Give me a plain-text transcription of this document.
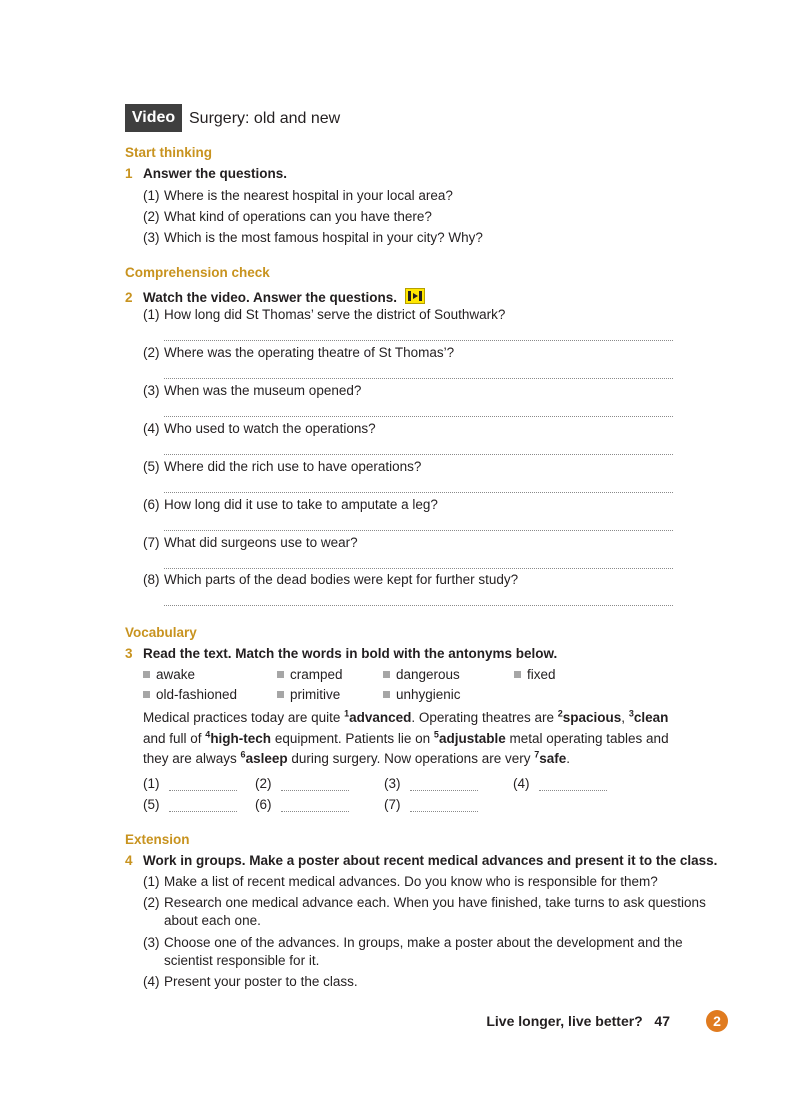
Video Surgery: old and new
Start thinking
1 Answer the questions.
(1) Where is the nearest hospital in your local area?
(2) What kind of operations can you have there?
(3) Which is the most famous hospital in your city? Why?
Comprehension check
2 Watch the video. Answer the questions.
(1) How long did St Thomas’ serve the district of Southwark?
(2) Where was the operating theatre of St Thomas’?
(3) When was the museum opened?
(4) Who used to watch the operations?
(5) Where did the rich use to have operations?
(6) How long did it use to take to amputate a leg?
(7) What did surgeons use to wear?
(8) Which parts of the dead bodies were kept for further study?
Vocabulary
3 Read the text. Match the words in bold with the antonyms below.
awake	cramped	dangerous	fixed
old-fashioned	primitive	unhygienic
Medical practices today are quite $^1$advanced. Operating theatres are $^2$spacious, $^3$clean and full of $^4$high-tech equipment. Patients lie on $^5$adjustable metal operating tables and they are always $^6$asleep during surgery. Now operations are very $^7$safe.
(1)	(2)	(3)	(4)
(5)	(6)	(7)
Extension
4 Work in groups. Make a poster about recent medical advances and present it to the class.
(1) Make a list of recent medical advances. Do you know who is responsible for them?
(2) Research one medical advance each. When you have finished, take turns to ask questions
about each one.
(3) Choose one of the advances. In groups, make a poster about the development and the
scientist responsible for it.
(4) Present your poster to the class.
Live longer, live better? 47	2
